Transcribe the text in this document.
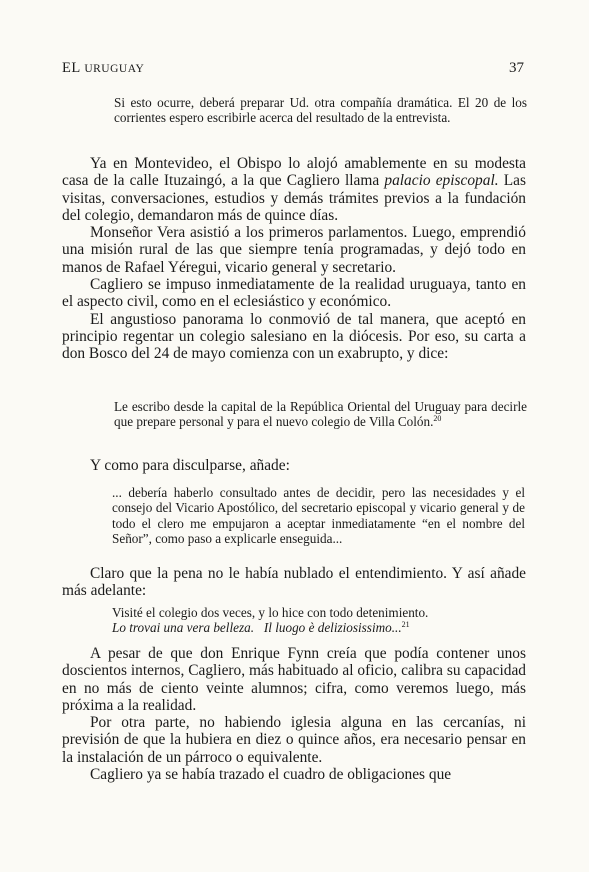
EL URUGUAY	37

Si esto ocurre, deberá preparar Ud. otra compañía dramática. El 20 de los corrientes espero escribirle acerca del resultado de la entrevista.

Ya en Montevideo, el Obispo lo alojó amablemente en su modesta casa de la calle Ituzaingó, a la que Cagliero llama palacio episcopal. Las visitas, conversaciones, estudios y demás trámites previos a la fundación del colegio, demandaron más de quince días.

Monseñor Vera asistió a los primeros parlamentos. Luego, emprendió una misión rural de las que siempre tenía programadas, y dejó todo en manos de Rafael Yéregui, vicario general y secretario.

Cagliero se impuso inmediatamente de la realidad uruguaya, tanto en el aspecto civil, como en el eclesiástico y económico.

El angustioso panorama lo conmovió de tal manera, que aceptó en principio regentar un colegio salesiano en la diócesis. Por eso, su carta a don Bosco del 24 de mayo comienza con un exabrupto, y dice:

Le escribo desde la capital de la República Oriental del Uruguay para decirle que prepare personal y para el nuevo colegio de Villa Colón.$^{20}$

Y como para disculparse, añade:

... debería haberlo consultado antes de decidir, pero las necesidades y el consejo del Vicario Apostólico, del secretario episcopal y vicario general y de todo el clero me empujaron a aceptar inmediatamente “en el nombre del Señor”, como paso a explicarle enseguida...

Claro que la pena no le había nublado el entendimiento. Y así añade más adelante:

Visité el colegio dos veces, y lo hice con todo detenimiento.

Lo trovai una vera belleza.   Il luogo è deliziosissimo...$^{21}$

A pesar de que don Enrique Fynn creía que podía contener unos doscientos internos, Cagliero, más habituado al oficio, calibra su capacidad en no más de ciento veinte alumnos; cifra, como veremos luego, más próxima a la realidad.

Por otra parte, no habiendo iglesia alguna en las cercanías, ni previsión de que la hubiera en diez o quince años, era necesario pensar en la instalación de un párroco o equivalente.

Cagliero ya se había trazado el cuadro de obligaciones que
